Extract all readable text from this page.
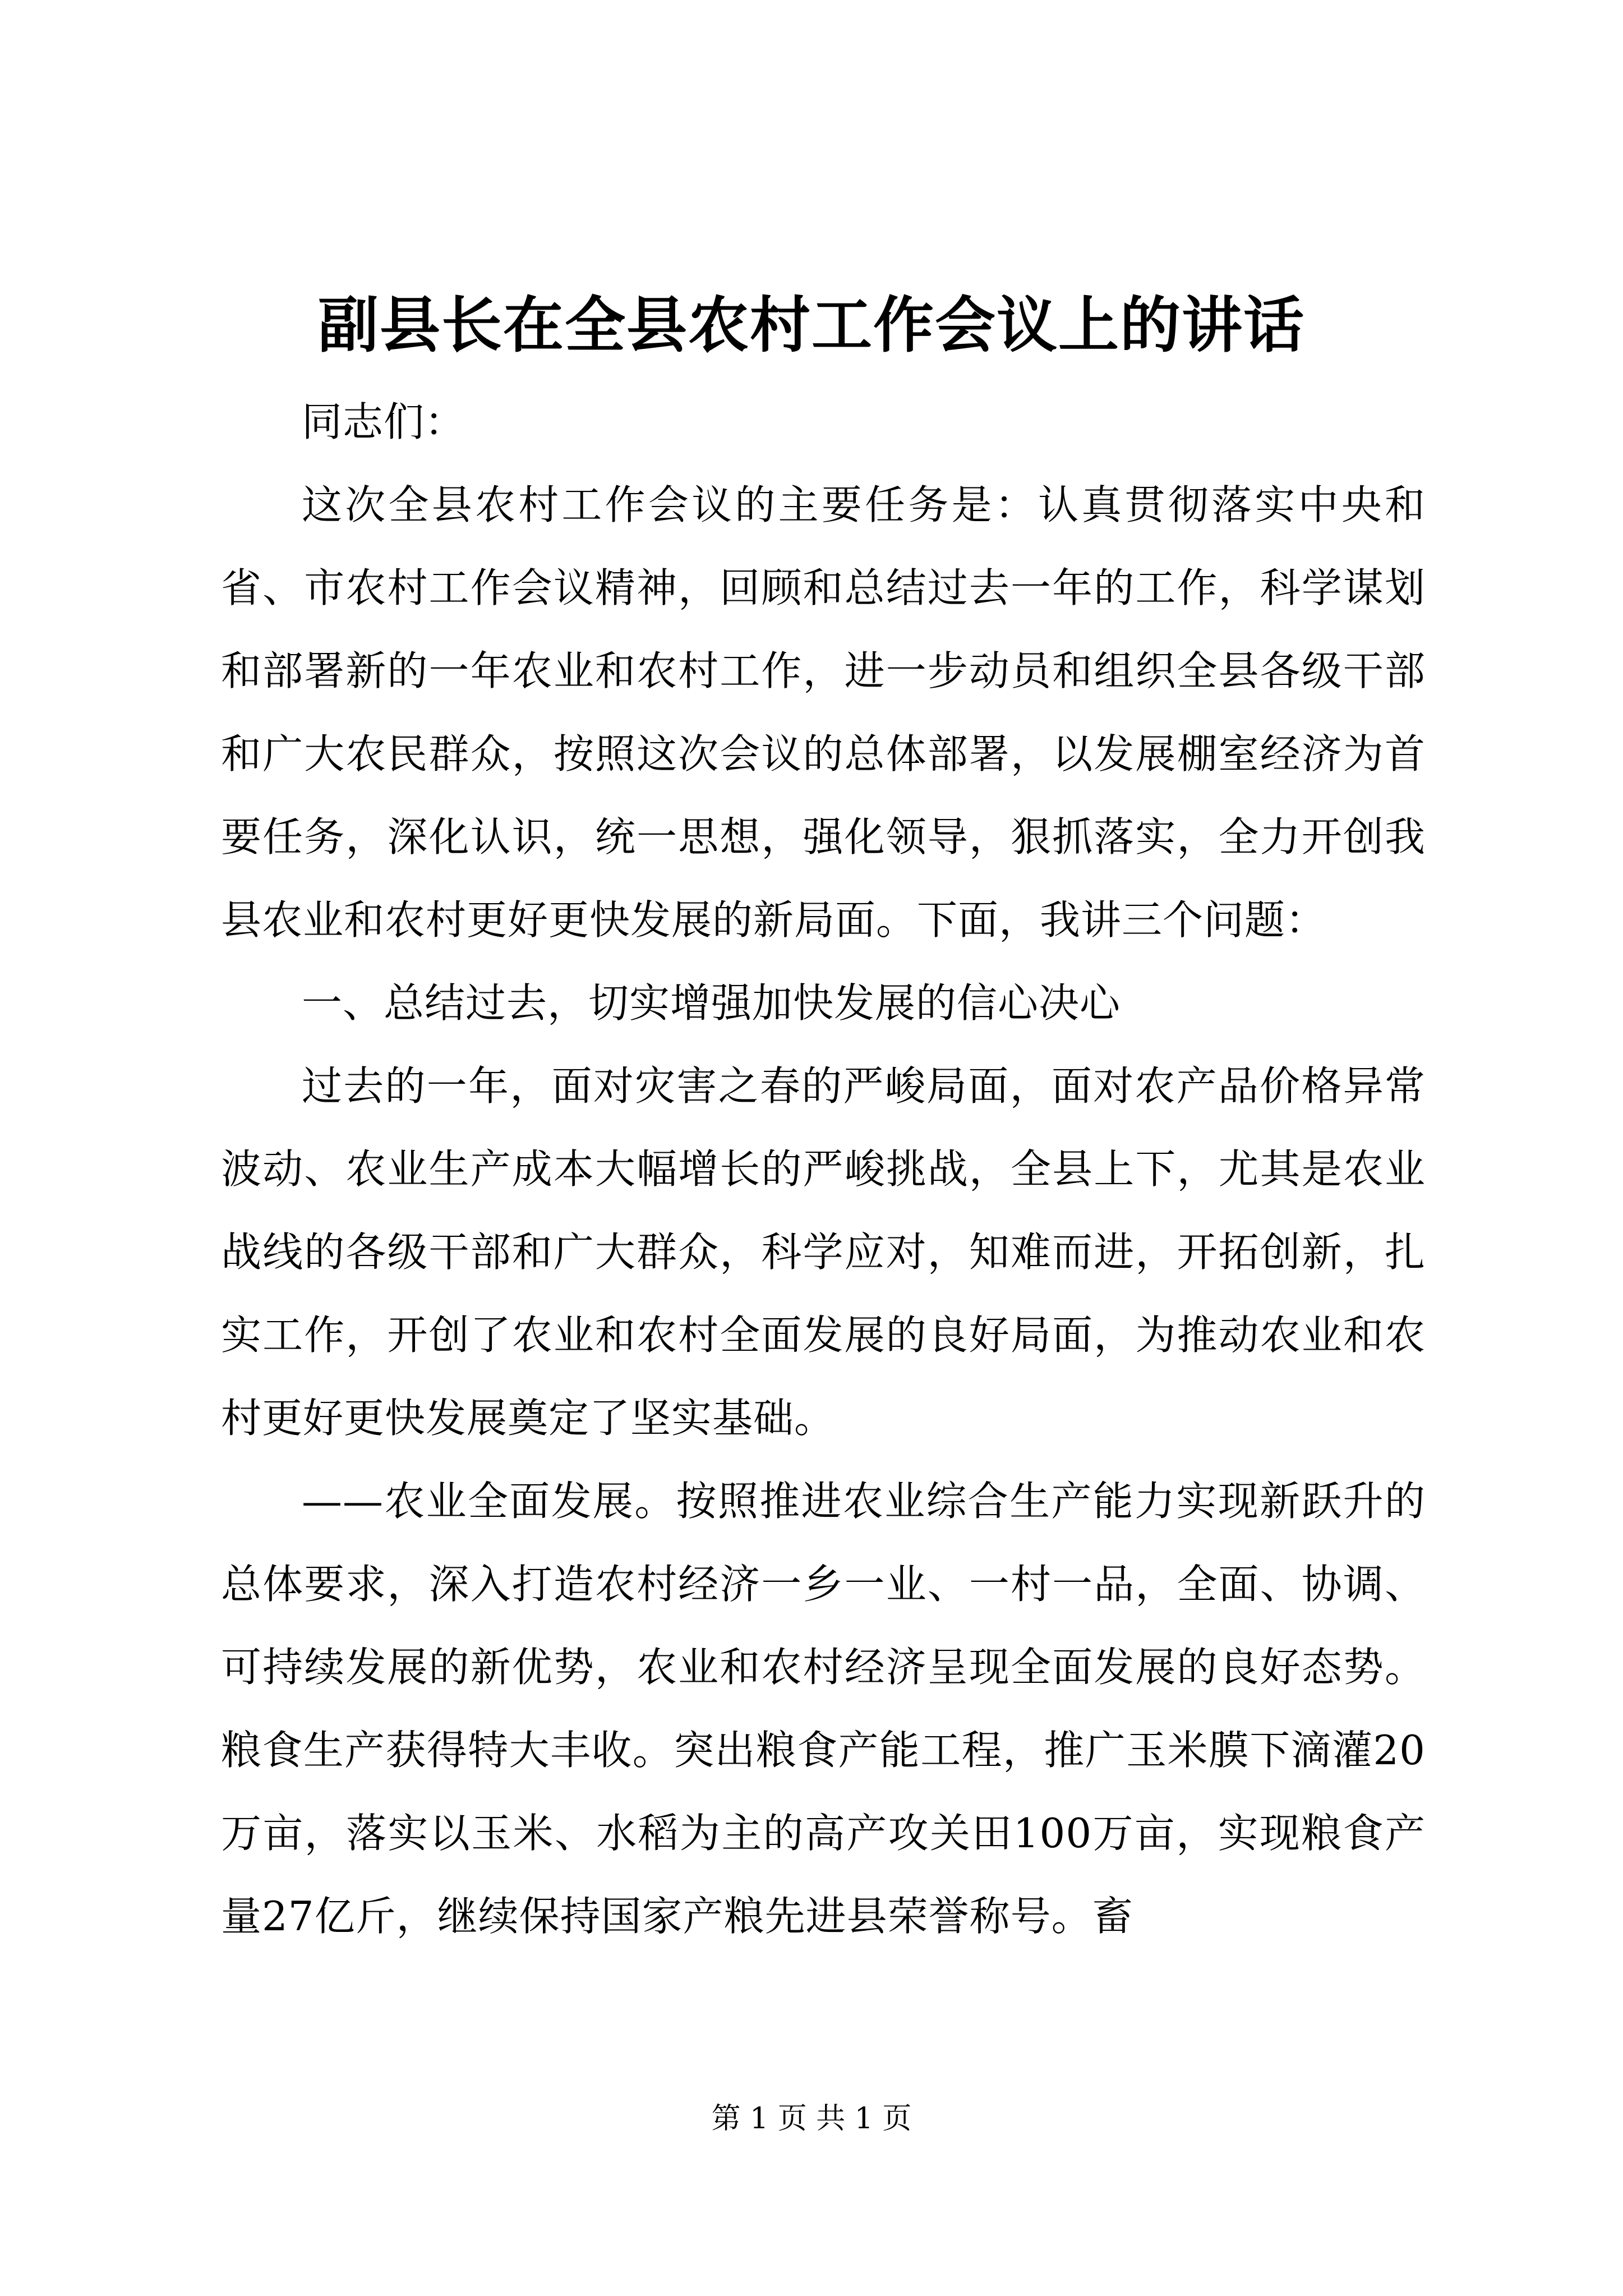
副县长在全县农村工作会议上的讲话

同志们：

这次全县农村工作会议的主要任务是：认真贯彻落实中央和省、市农村工作会议精神，回顾和总结过去一年的工作，科学谋划和部署新的一年农业和农村工作，进一步动员和组织全县各级干部和广大农民群众，按照这次会议的总体部署，以发展棚室经济为首要任务，深化认识，统一思想，强化领导，狠抓落实，全力开创我县农业和农村更好更快发展的新局面。下面，我讲三个问题：

一、总结过去，切实增强加快发展的信心决心

过去的一年，面对灾害之春的严峻局面，面对农产品价格异常波动、农业生产成本大幅增长的严峻挑战，全县上下，尤其是农业战线的各级干部和广大群众，科学应对，知难而进，开拓创新，扎实工作，开创了农业和农村全面发展的良好局面，为推动农业和农村更好更快发展奠定了坚实基础。

——农业全面发展。按照推进农业综合生产能力实现新跃升的总体要求，深入打造农村经济一乡一业、一村一品，全面、协调、可持续发展的新优势，农业和农村经济呈现全面发展的良好态势。粮食生产获得特大丰收。突出粮食产能工程，推广玉米膜下滴灌20万亩，落实以玉米、水稻为主的高产攻关田100万亩，实现粮食产量27亿斤，继续保持国家产粮先进县荣誉称号。畜

第 1 页 共 1 页
